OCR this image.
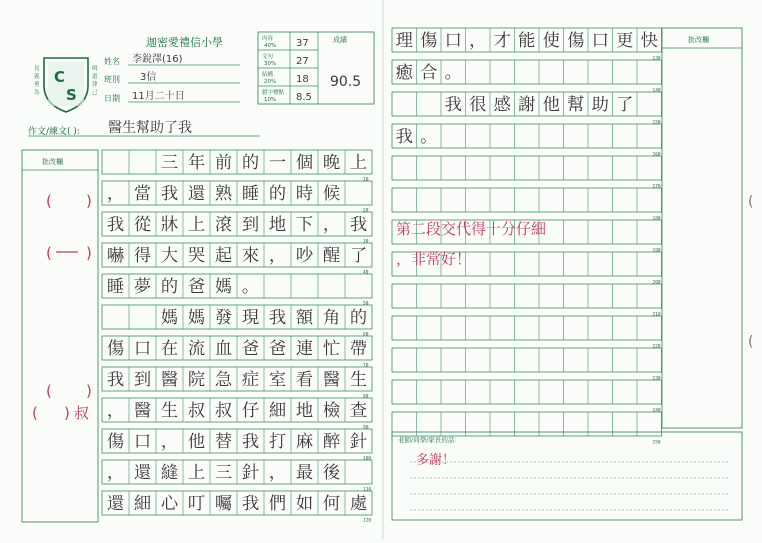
C
S
見
義
勇
為
明
道
律
己
迦密愛禮信小學
姓名 李銳澤(16)
班別 3信
日期 11月二十日
作文/練文( ): 醫生幫助了我
成績
內容
40% 37
文句
30% 27
結構
20% 18
錯字標點
10% 8.5
90.5
批改欄
10
三 年 前 的 一 個 晚 上
20
， 當 我 還 熟 睡 的 時 候
30
我 從 牀 上 滾 到 地 下 ， 我
40
嚇 得 大 哭 起 來 ， 吵 醒 了
50
睡 夢 的 爸 媽 。
60
媽 媽 發 現 我 額 角 的
70
傷 口 在 流 血 爸 爸 連 忙 帶
80
我 到 醫 院 急 症 室 看 醫 生
90
， 醫 生 叔 叔 仔 細 地 檢 查
100
傷 口 ， 他 替 我 打 麻 醉 針
110
， 還 縫 上 三 針 ， 最 後
120
還 細 心 叮 囑 我 們 如 何 處
( )
( )
( )
( ) 叔
批改欄
130
理 傷 口 ， 才 能 使 傷 口 更 快
140
癒 合 。
150
我 很 感 謝 他 幫 助 了
160
我 。
170
180
190
200
210
220
230
240
250
第二段交代得十分仔細
，非常好！
老師/同學/家長的話：
多謝！
(
(
